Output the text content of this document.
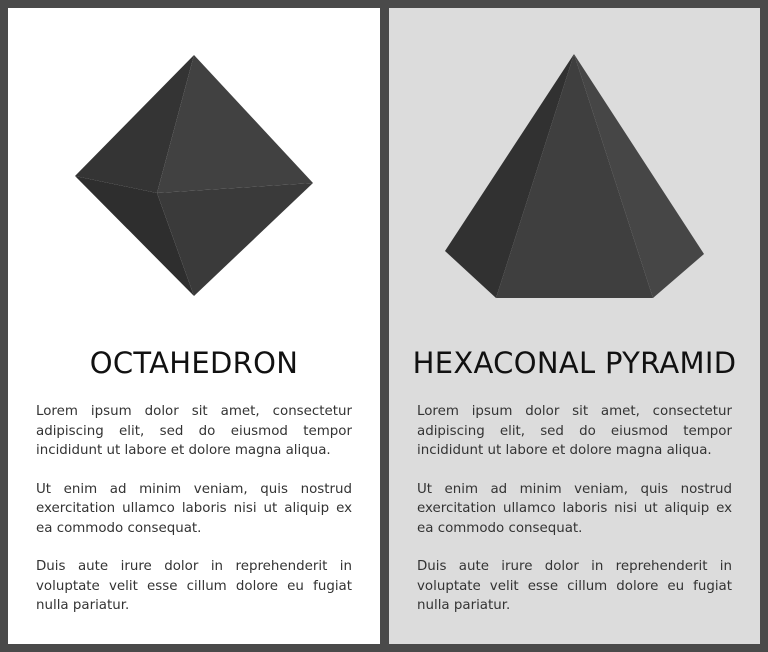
OCTAHEDRON

Lorem ipsum dolor sit amet, consectetur adipiscing elit, sed do eiusmod tempor incididunt ut labore et dolore magna aliqua.

Ut enim ad minim veniam, quis nostrud exercitation ullamco laboris nisi ut aliquip ex ea commodo consequat.

Duis aute irure dolor in reprehenderit in voluptate velit esse cillum dolore eu fugiat nulla pariatur.

HEXACONAL PYRAMID

Lorem ipsum dolor sit amet, consectetur adipiscing elit, sed do eiusmod tempor incididunt ut labore et dolore magna aliqua.

Ut enim ad minim veniam, quis nostrud exercitation ullamco laboris nisi ut aliquip ex ea commodo consequat.

Duis aute irure dolor in reprehenderit in voluptate velit esse cillum dolore eu fugiat nulla pariatur.
